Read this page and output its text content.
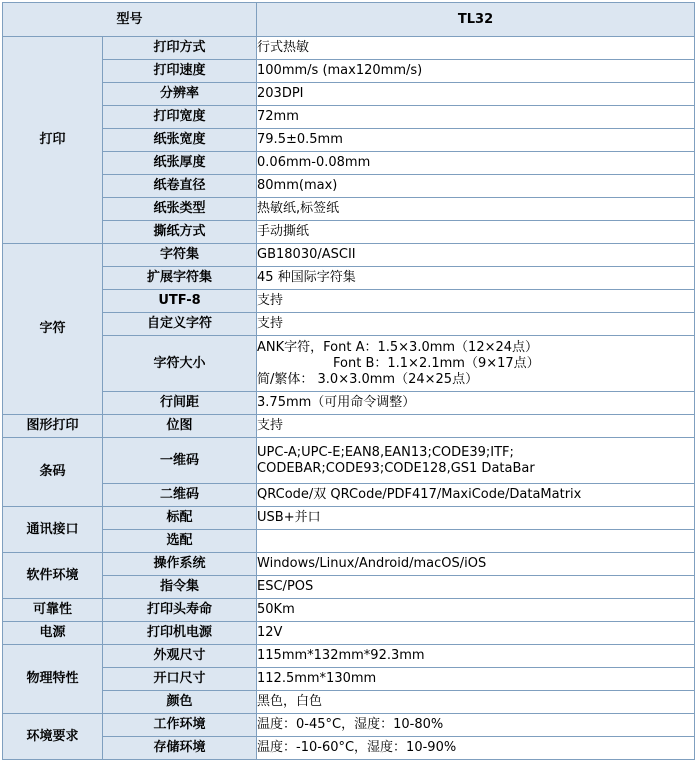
型号		TL32
打印	打印方式	行式热敏
	打印速度	100mm/s (max120mm/s)
	分辨率	203DPI
	打印宽度	72mm
	纸张宽度	79.5±0.5mm
	纸张厚度	0.06mm-0.08mm
	纸卷直径	80mm(max)
	纸张类型	热敏纸,标签纸
	撕纸方式	手动撕纸
字符	字符集	GB18030/ASCII
	扩展字符集	45 种国际字符集
	UTF-8	支持
	自定义字符	支持
	字符大小	ANK字符，Font A：1.5×3.0mm（12×24点）
Font B：1.1×2.1mm（9×17点）
简/繁体： 3.0×3.0mm（24×25点）

	行间距	3.75mm（可用命令调整）
图形打印	位图	支持
条码	一维码	UPC-A;UPC-E;EAN8,EAN13;CODE39;ITF;
CODEBAR;CODE93;CODE128,GS1 DataBar

	二维码	QRCode/双 QRCode/PDF417/MaxiCode/DataMatrix
通讯接口	标配	USB+并口
	选配	
软件环境	操作系统	Windows/Linux/Android/macOS/iOS
	指令集	ESC/POS
可靠性	打印头寿命	50Km
电源	打印机电源	12V
物理特性	外观尺寸	115mm*132mm*92.3mm
	开口尺寸	112.5mm*130mm
	颜色	黑色，白色
环境要求	工作环境	温度：0-45°C，湿度：10-80%
	存储环境	温度：-10-60°C，湿度：10-90%
